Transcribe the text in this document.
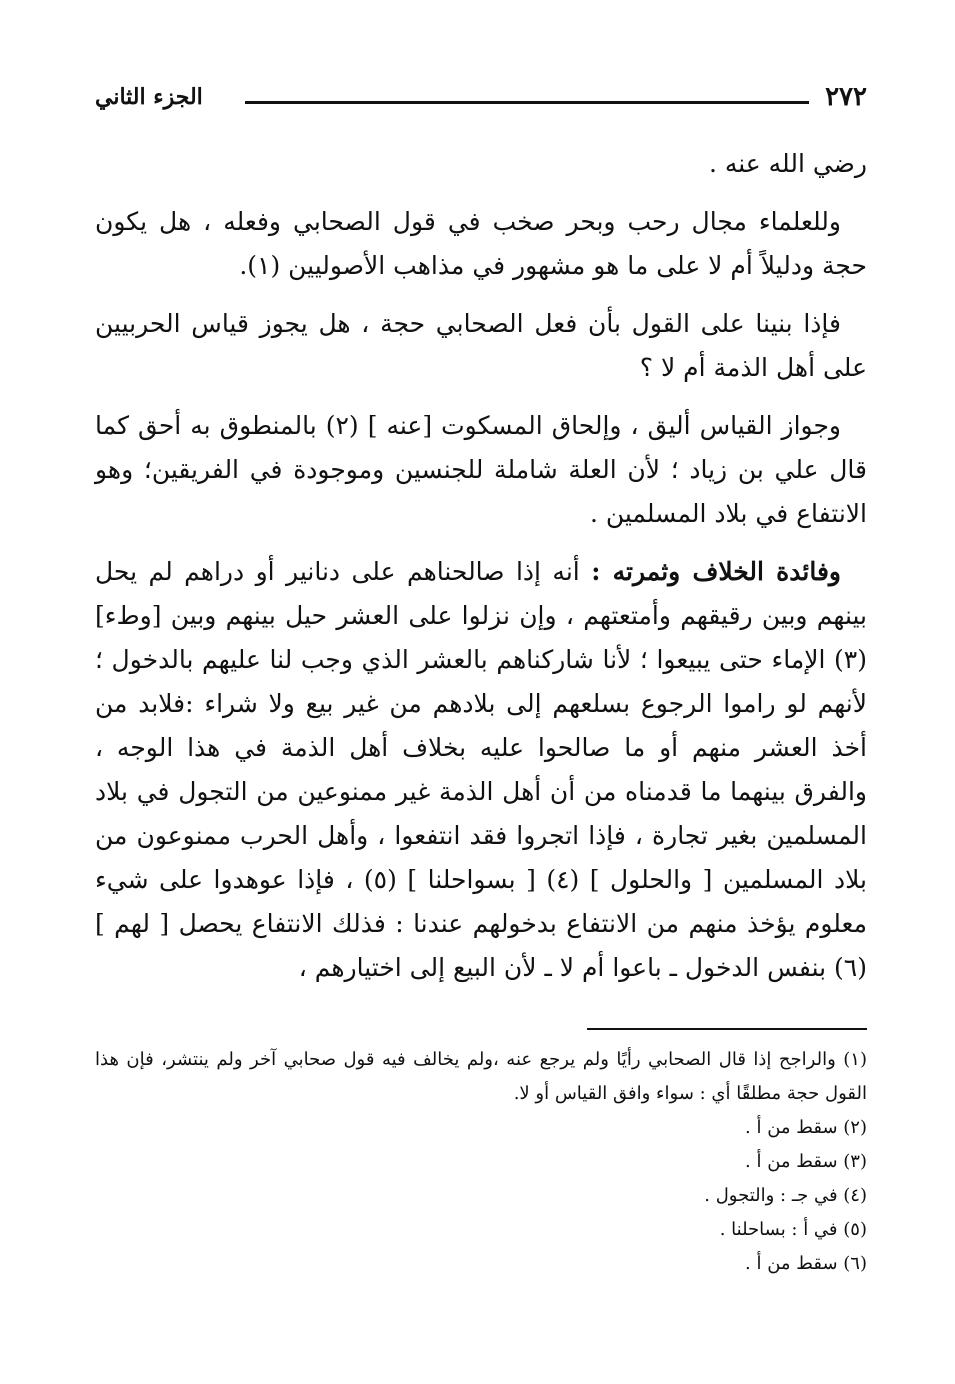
٢٧٢
الجزء الثاني

رضي الله عنه .

وللعلماء مجال رحب وبحر صخب في قول الصحابي وفعله ، هل يكون حجة ودليلاً أم لا على ما هو مشهور في مذاهب الأصوليين (١).

فإذا بنينا على القول بأن فعل الصحابي حجة ، هل يجوز قياس الحربيين على أهل الذمة أم لا ؟

وجواز القياس أليق ، وإلحاق المسكوت [عنه ] (٢) بالمنطوق به أحق كما قال علي بن زياد ؛ لأن العلة شاملة للجنسين وموجودة في الفريقين؛ وهو الانتفاع في بلاد المسلمين .

وفائدة الخلاف وثمرته : أنه إذا صالحناهم على دنانير أو دراهم لم يحل بينهم وبين رقيقهم وأمتعتهم ، وإن نزلوا على العشر حيل بينهم وبين [وطء](٣) الإماء حتى يبيعوا ؛ لأنا شاركناهم بالعشر الذي وجب لنا عليهم بالدخول ؛ لأنهم لو راموا الرجوع بسلعهم إلى بلادهم من غير بيع ولا شراء :فلابد من أخذ العشر منهم أو ما صالحوا عليه بخلاف أهل الذمة في هذا الوجه ، والفرق بينهما ما قدمناه من أن أهل الذمة غير ممنوعين من التجول في بلاد المسلمين بغير تجارة ، فإذا اتجروا فقد انتفعوا ، وأهل الحرب ممنوعون من بلاد المسلمين [ والحلول ] (٤) [ بسواحلنا ] (٥) ، فإذا عوهدوا على شيء معلوم يؤخذ منهم من الانتفاع بدخولهم عندنا : فذلك الانتفاع يحصل [ لهم ] (٦) بنفس الدخول ـ باعوا أم لا ـ لأن البيع إلى اختيارهم ،

(١) والراجح إذا قال الصحابي رأيًا ولم يرجع عنه ،ولم يخالف فيه قول صحابي آخر ولم ينتشر، فإن هذا القول حجة مطلقًا أي : سواء وافق القياس أو لا.

(٢) سقط من أ .

(٣) سقط من أ .

(٤) في جـ : والتجول .

(٥) في أ : بساحلنا .

(٦) سقط من أ .
